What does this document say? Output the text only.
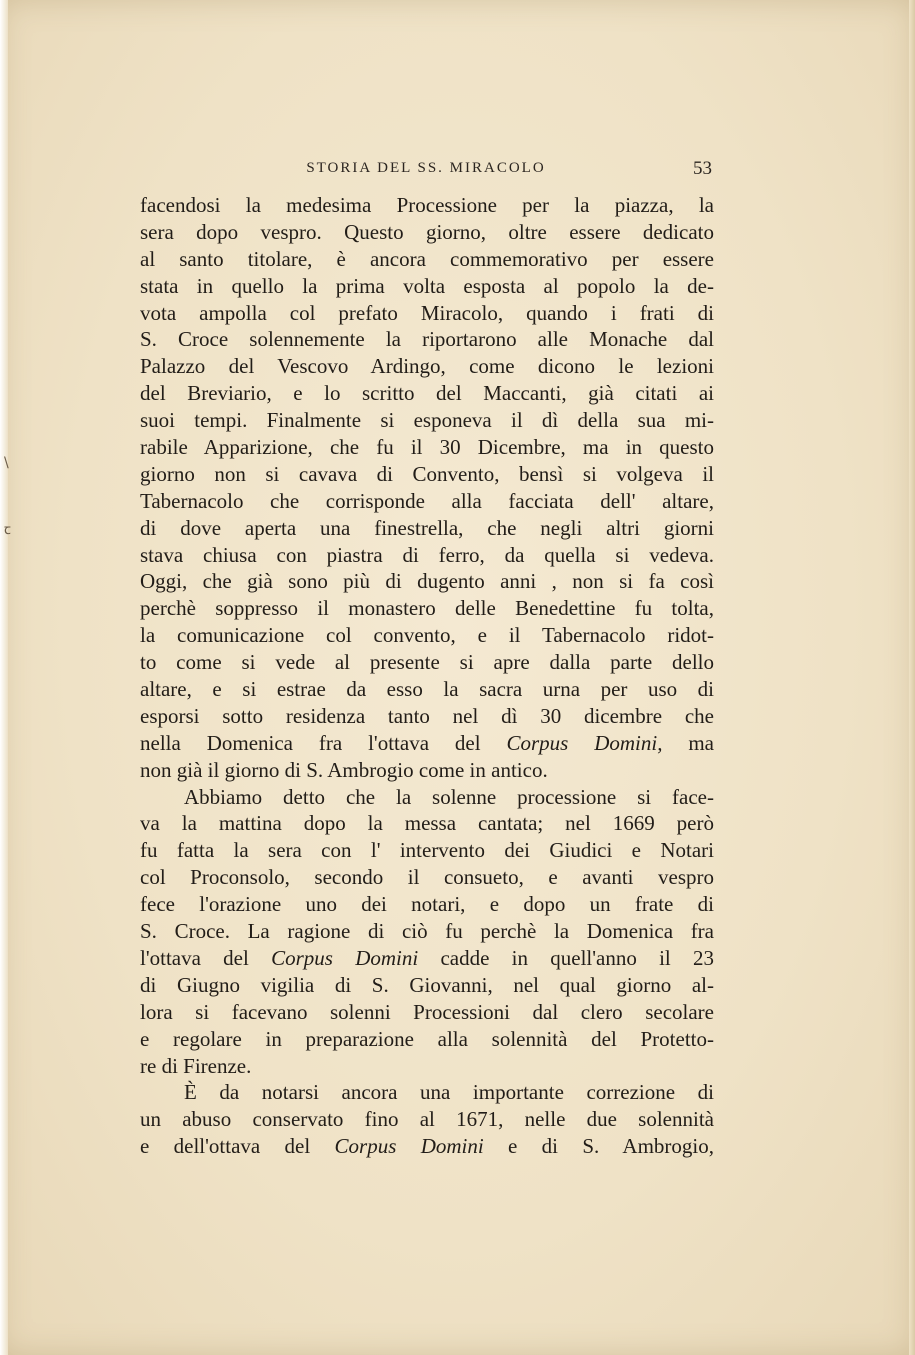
STORIA DEL SS. MIRACOLO	53
\
ꞇ
facendosi la medesima Processione per la piazza, la
sera dopo vespro. Questo giorno, oltre essere dedicato
al santo titolare, è ancora commemorativo per essere
stata in quello la prima volta esposta al popolo la de-
vota ampolla col prefato Miracolo, quando i frati di
S. Croce solennemente la riportarono alle Monache dal
Palazzo del Vescovo Ardingo, come dicono le lezioni
del Breviario, e lo scritto del Maccanti, già citati ai
suoi tempi. Finalmente si esponeva il dì della sua mi-
rabile Apparizione, che fu il 30 Dicembre, ma in questo
giorno non si cavava di Convento, bensì si volgeva il
Tabernacolo che corrisponde alla facciata dell' altare,
di dove aperta una finestrella, che negli altri giorni
stava chiusa con piastra di ferro, da quella si vedeva.
Oggi, che già sono più di dugento anni , non si fa così
perchè soppresso il monastero delle Benedettine fu tolta,
la comunicazione col convento, e il Tabernacolo ridot-
to come si vede al presente si apre dalla parte dello
altare, e si estrae da esso la sacra urna per uso di
esporsi sotto residenza tanto nel dì 30 dicembre che
nella Domenica fra l'ottava del Corpus Domini, ma
non già il giorno di S. Ambrogio come in antico.
Abbiamo detto che la solenne processione si face-
va la mattina dopo la messa cantata; nel 1669 però
fu fatta la sera con l' intervento dei Giudici e Notari
col Proconsolo, secondo il consueto, e avanti vespro
fece l'orazione uno dei notari, e dopo un frate di
S. Croce. La ragione di ciò fu perchè la Domenica fra
l'ottava del Corpus Domini cadde in quell'anno il 23
di Giugno vigilia di S. Giovanni, nel qual giorno al-
lora si facevano solenni Processioni dal clero secolare
e regolare in preparazione alla solennità del Protetto-
re di Firenze.
È da notarsi ancora una importante correzione di
un abuso conservato fino al 1671, nelle due solennità
e dell'ottava del Corpus Domini e di S. Ambrogio,
